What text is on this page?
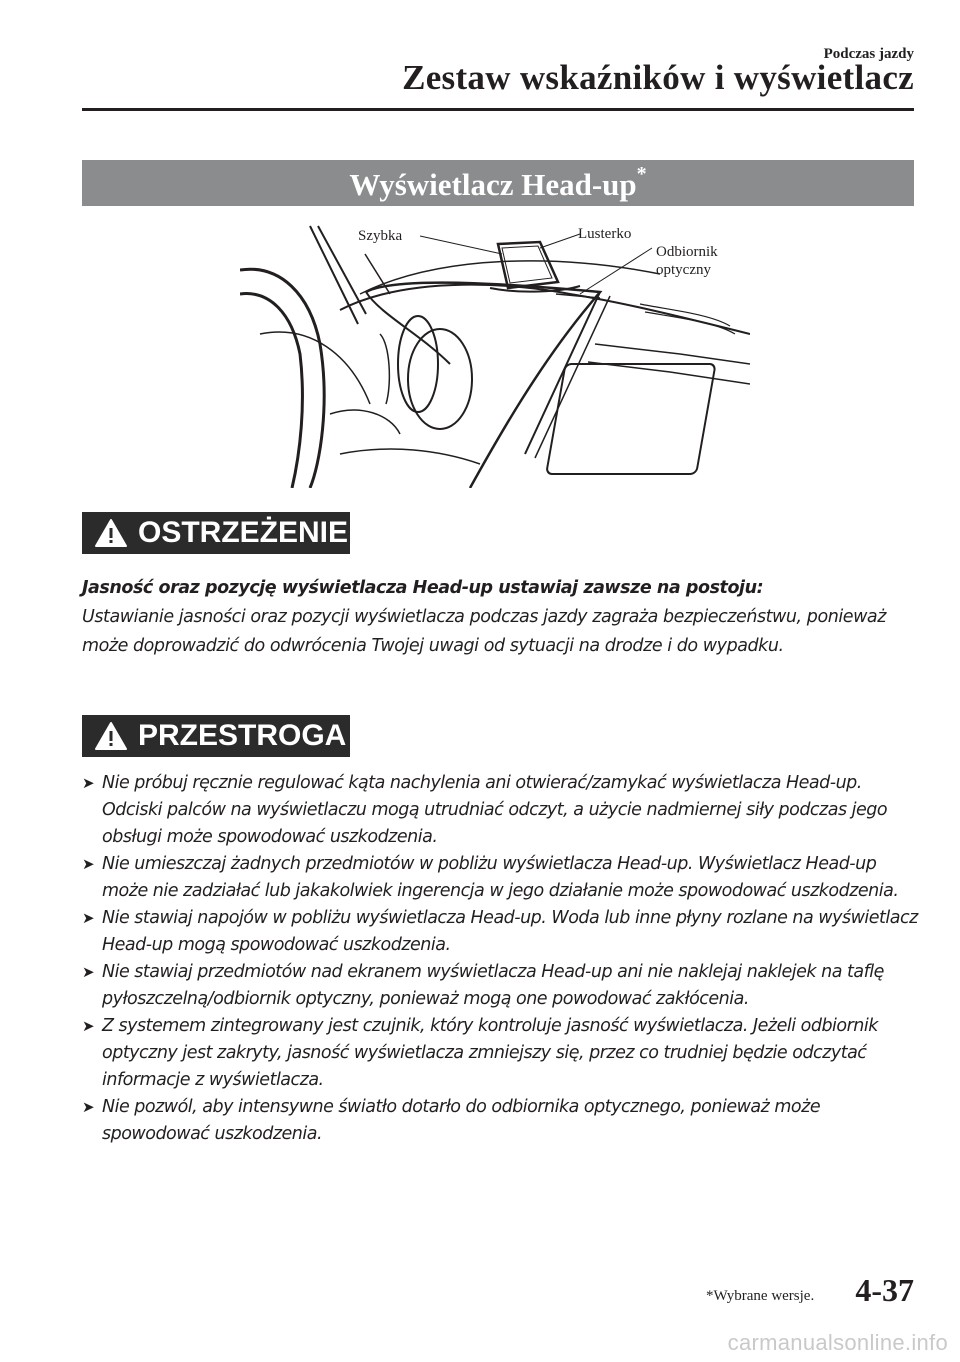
Podczas jazdy
Zestaw wskaźników i wyświetlacz
Wyświetlacz Head-up*
Szybka	Lusterko
Odbiornik
optyczny
OSTRZEŻENIE
Jasność oraz pozycję wyświetlacza Head-up ustawiaj zawsze na postoju:
Ustawianie jasności oraz pozycji wyświetlacza podczas jazdy zagraża bezpieczeństwu, ponieważ może doprowadzić do odwrócenia Twojej uwagi od sytuacji na drodze i do wypadku.
PRZESTROGA
➤ Nie próbuj ręcznie regulować kąta nachylenia ani otwierać/zamykać wyświetlacza Head-up. Odciski palców na wyświetlaczu mogą utrudniać odczyt, a użycie nadmiernej siły podczas jego obsługi może spowodować uszkodzenia.
➤ Nie umieszczaj żadnych przedmiotów w pobliżu wyświetlacza Head-up. Wyświetlacz Head-up może nie zadziałać lub jakakolwiek ingerencja w jego działanie może spowodować uszkodzenia.
➤ Nie stawiaj napojów w pobliżu wyświetlacza Head-up. Woda lub inne płyny rozlane na wyświetlacz Head-up mogą spowodować uszkodzenia.
➤ Nie stawiaj przedmiotów nad ekranem wyświetlacza Head-up ani nie naklejaj naklejek na taflę pyłoszczelną/odbiornik optyczny, ponieważ mogą one powodować zakłócenia.
➤ Z systemem zintegrowany jest czujnik, który kontroluje jasność wyświetlacza. Jeżeli odbiornik optyczny jest zakryty, jasność wyświetlacza zmniejszy się, przez co trudniej będzie odczytać informacje z wyświetlacza.
➤ Nie pozwól, aby intensywne światło dotarło do odbiornika optycznego, ponieważ może spowodować uszkodzenia.
*Wybrane wersje. 4-37
carmanualsonline.info
